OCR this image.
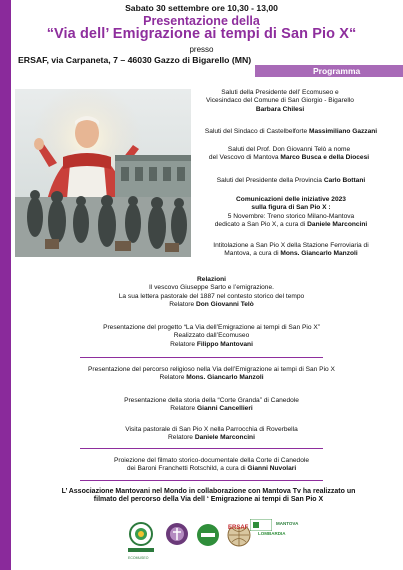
Sabato 30 settembre ore 10,30 - 13,00
Presentazione della
“Via dell’ Emigrazione ai tempi di San Pio X“
presso
ERSAF, via Carpaneta, 7 – 46030 Gazzo di Bigarello (MN)
Programma
Saluti della Presidente dell’ Ecomuseo e
Vicesindaco del Comune di San Giorgio - Bigarello
Barbara Chilesi
Saluti del Sindaco di Castelbelforte Massimiliano Gazzani
Saluti del Prof. Don Giovanni Telò a nome
del Vescovo di Mantova Marco Busca e della Diocesi
Saluti del Presidente della Provincia Carlo Bottani
Comunicazioni delle iniziative 2023
sulla figura di San Pio X :
5 Novembre: Treno storico Milano-Mantova
dedicato a San Pio X, a cura di Daniele Marconcini
Intitolazione a San Pio X della Stazione Ferroviaria di
Mantova, a cura di Mons. Giancarlo Manzoli
Relazioni
Il vescovo Giuseppe Sarto e l’emigrazione.
La sua lettera pastorale del 1887 nel contesto storico del tempo
Relatore Don Giovanni Telò
Presentazione del progetto “La Via dell’Emigrazione ai tempi di San Pio X”
Realizzato dall’Ecomuseo
Relatore Filippo Mantovani
Presentazione del percorso religioso nella Via dell’Emigrazione ai tempi di San Pio X
Relatore Mons. Giancarlo Manzoli
Presentazione della storia della “Corte Granda” di Canedole
Relatore Gianni Cancellieri
Visita pastorale di San Pio X nella Parrocchia di Roverbella
Relatore Daniele Marconcini
Proiezione del filmato storico-documentale della Corte di Canedole
dei Baroni Franchetti Rotschild, a cura di Gianni Nuvolari
L’ Associazione Mantovani nel Mondo in collaborazione con Mantova Tv ha realizzato un
filmato del percorso della Via dell ‘ Emigrazione ai tempi di San Pio X
ERSAF
LOMBARDIA
MANTOVA
ECOMUSEO
